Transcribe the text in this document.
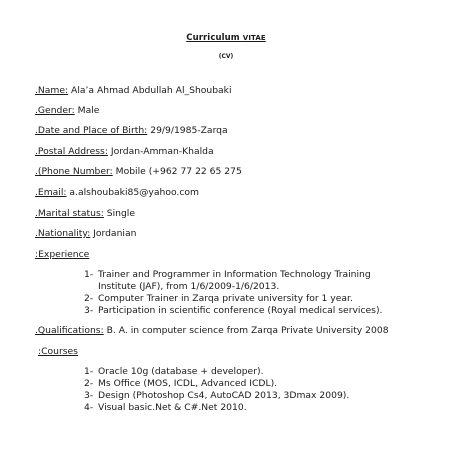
Curriculum VITAE
(CV)
.Name: Ala’a Ahmad Abdullah Al_Shoubaki
.Gender: Male
.Date and Place of Birth: 29/9/1985-Zarqa
.Postal Address: Jordan-Amman-Khalda
.(Phone Number: Mobile (+962 77 22 65 275
.Email: a.alshoubaki85@yahoo.com
.Marital status: Single
.Nationality: Jordanian
:Experience
1- Trainer and Programmer in Information Technology Training
Institute (JAF), from 1/6/2009-1/6/2013.
2- Computer Trainer in Zarqa private university for 1 year.
3- Participation in scientific conference (Royal medical services).
.Qualifications: B. A. in computer science from Zarqa Private University 2008
:Courses
1- Oracle 10g (database + developer).
2- Ms Office (MOS, ICDL, Advanced ICDL).
3- Design (Photoshop Cs4, AutoCAD 2013, 3Dmax 2009).
4- Visual basic.Net & C#.Net 2010.
